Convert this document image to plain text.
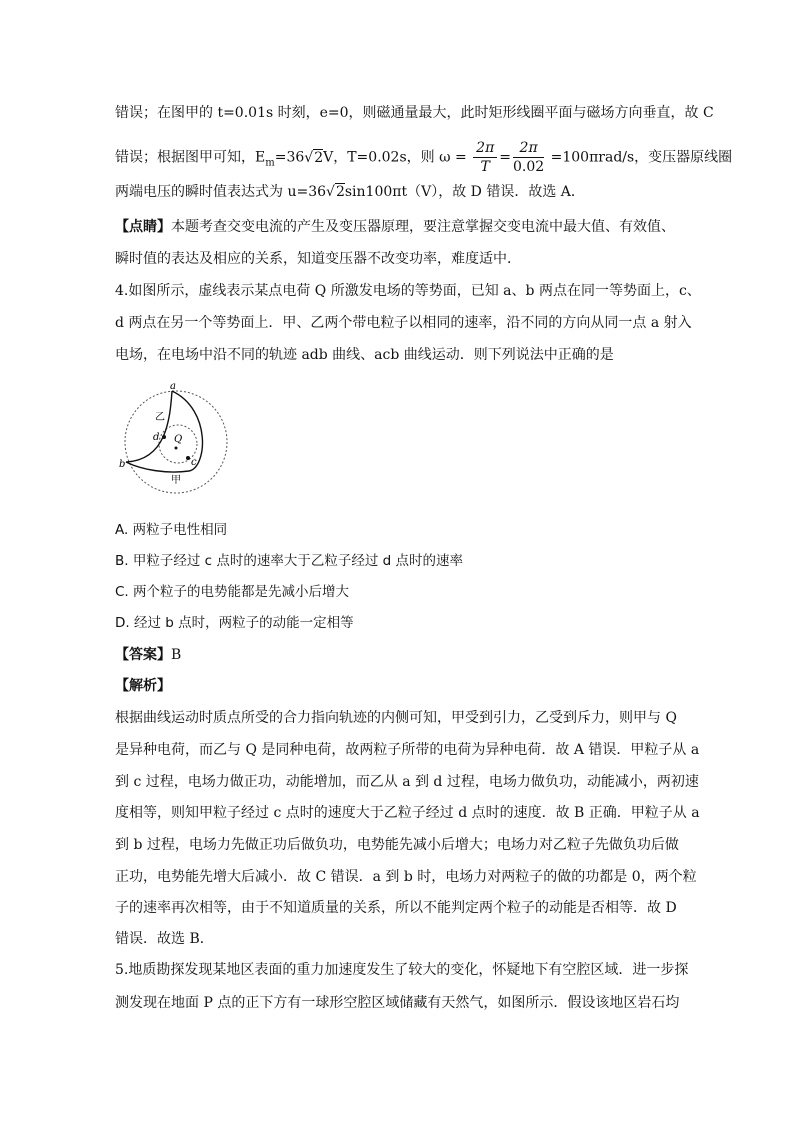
错误；在图甲的 t=0.01s 时刻，e=0，则磁通量最大，此时矩形线圈平面与磁场方向垂直，故 C
错误；根据图甲可知，$E_m=36√2V$，T=0.02s，则 $\omega = \frac{2\pi}{T} = \frac{2\pi}{0.02} =100\pi rad/s$，变压器原线圈
两端电压的瞬时值表达式为 u=36√2sin100πt（V），故 D 错误．故选 A．
【点睛】本题考查交变电流的产生及变压器原理，要注意掌握交变电流中最大值、有效值、
瞬时值的表达及相应的关系，知道变压器不改变功率，难度适中．
4.如图所示，虚线表示某点电荷 Q 所激发电场的等势面，已知 a、b 两点在同一等势面上，c、
d 两点在另一个等势面上．甲、乙两个带电粒子以相同的速率，沿不同的方向从同一点 a 射入
电场，在电场中沿不同的轨迹 adb 曲线、acb 曲线运动．则下列说法中正确的是
a
b	c
d Q
乙
甲
A. 两粒子电性相同
B. 甲粒子经过 c 点时的速率大于乙粒子经过 d 点时的速率
C. 两个粒子的电势能都是先减小后增大
D. 经过 b 点时，两粒子的动能一定相等
【答案】B
【解析】
根据曲线运动时质点所受的合力指向轨迹的内侧可知，甲受到引力，乙受到斥力，则甲与 Q
是异种电荷，而乙与 Q 是同种电荷，故两粒子所带的电荷为异种电荷．故 A 错误．甲粒子从 a
到 c 过程，电场力做正功，动能增加，而乙从 a 到 d 过程，电场力做负功，动能减小，两初速
度相等，则知甲粒子经过 c 点时的速度大于乙粒子经过 d 点时的速度．故 B 正确．甲粒子从 a
到 b 过程，电场力先做正功后做负功，电势能先减小后增大；电场力对乙粒子先做负功后做
正功，电势能先增大后减小．故 C 错误．a 到 b 时，电场力对两粒子的做的功都是 0，两个粒
子的速率再次相等，由于不知道质量的关系，所以不能判定两个粒子的动能是否相等．故 D
错误．故选 B．
5.地质勘探发现某地区表面的重力加速度发生了较大的变化，怀疑地下有空腔区域．进一步探
测发现在地面 P 点的正下方有一球形空腔区域储藏有天然气，如图所示．假设该地区岩石均
